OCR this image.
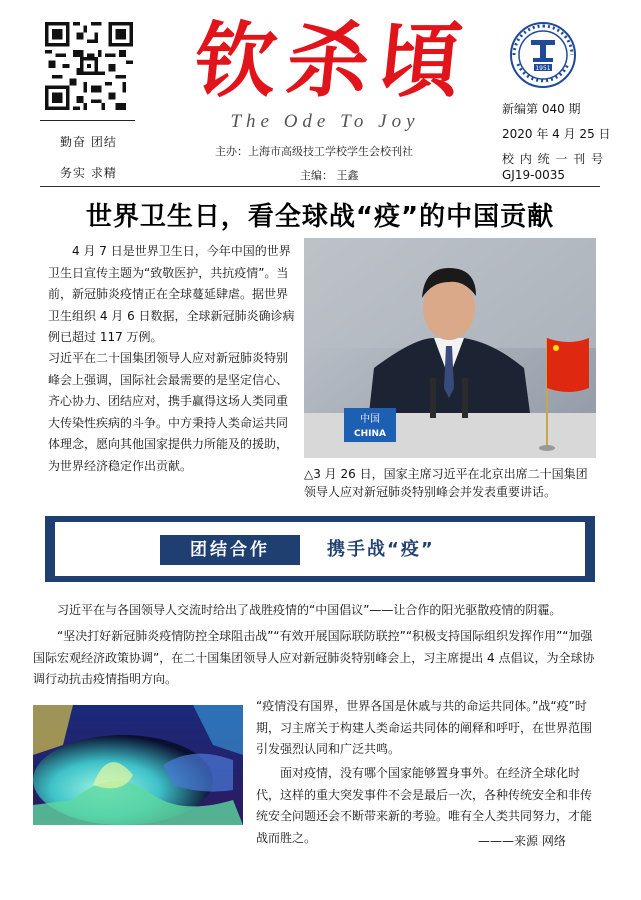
勤奋 团结
务实 求精
钦杀頃
The Ode To Joy
主办：上海市高级技工学校学生会校刊社
主编： 王鑫
1951
新编第 040 期
2020 年 4 月 25 日
校 内 统 一 刊 号
GJ19-0035
世界卫生日，看全球战“疫”的中国贡献
4 月 7 日是世界卫生日，今年中国的世界卫生日宣传主题为“致敬医护，共抗疫情”。当前，新冠肺炎疫情正在全球蔓延肆虐。据世界卫生组织 4 月 6 日数据，全球新冠肺炎确诊病例已超过 117 万例。
习近平在二十国集团领导人应对新冠肺炎特别峰会上强调，国际社会最需要的是坚定信心、齐心协力、团结应对，携手赢得这场人类同重大传染性疾病的斗争。中方秉持人类命运共同体理念，愿向其他国家提供力所能及的援助，为世界经济稳定作出贡献。
中国
CHINA
△3 月 26 日，国家主席习近平在北京出席二十国集团领导人应对新冠肺炎特别峰会并发表重要讲话。
团结合作	携手战“疫”
习近平在与各国领导人交流时给出了战胜疫情的“中国倡议”——让合作的阳光驱散疫情的阴霾。
“坚决打好新冠肺炎疫情防控全球阻击战”“有效开展国际联防联控”“积极支持国际组织发挥作用”“加强国际宏观经济政策协调”，在二十国集团领导人应对新冠肺炎特别峰会上，习主席提出 4 点倡议，为全球协调行动抗击疫情指明方向。
“疫情没有国界，世界各国是休戚与共的命运共同体。”战“疫”时期，习主席关于构建人类命运共同体的阐释和呼吁，在世界范围引发强烈认同和广泛共鸣。
面对疫情，没有哪个国家能够置身事外。在经济全球化时代，这样的重大突发事件不会是最后一次，各种传统安全和非传统安全问题还会不断带来新的考验。唯有全人类共同努力，才能战而胜之。	———来源 网络
